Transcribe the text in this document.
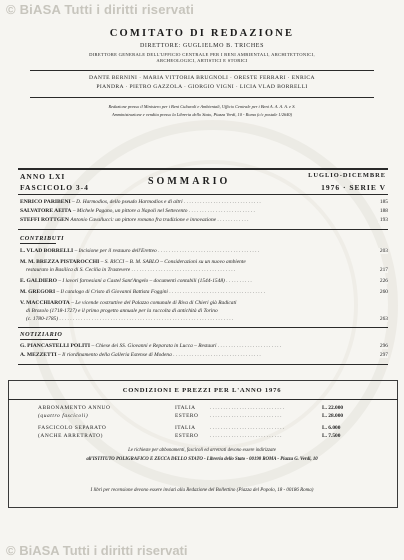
© BiASA Tutti i diritti riservati
COMITATO DI REDAZIONE
DIRETTORE: GUGLIELMO B. TRICHES
DIRETTORE GENERALE DELL'UFFICIO CENTRALE PER I BENI AMBIENTALI, ARCHITETTONICI,
ARCHEOLOGICI, ARTISTICI E STORICI
DANTE BERNINI · MARIA VITTORIA BRUGNOLI · ORESTE FERRARI · ENRICA
PIANDRA · PIETRO GAZZOLA · GIORGIO VIGNI · LICIA VLAD BORRELLI
Redazione presso il Ministero per i Beni Culturali e Ambientali, Ufficio Centrale per i Beni A. A. A. A. e S.
Amministrazione e vendita presso la Libreria dello Stato, Piazza Verdi, 10 - Roma (c/c postale 1/2640)
ANNO LXI
FASCICOLO 3-4
SOMMARIO
LUGLIO-DICEMBRE
1976 · SERIE V
ENRICO PARIBENI – D. Harmodios, dello pseudo Harmodios e di altri . . . . . . . . . . . . . . . . . . . . . . . . . . . . .	185
SALVATORE AEITA – Michele Pagano, un pittore a Napoli nel Settecento . . . . . . . . . . . . . . . . . . . . . . . . .	188
STEFFI RÖTTGEN Antonio Cavallucci: un pittore romano fra tradizione e innovazione . . . . . . . . . . . .	193
CONTRIBUTI
L. VLAD BORRELLI – Incisione per il restauro dell'Eretteo . . . . . . . . . . . . . . . . . . . . . . . . . . . . . . . . . . . . . .	203
M. M. BREZZA PISTAROCCHI – S. RICCI – B. M. SABLO – Considerazioni su un nuovo ambiente
restaurato in Basilica di S. Cecilia in Trastevere . . . . . . . . . . . . . . . . . . . . . . . . . . . . . . . . . . . . . . .	217
E. GALDIERO – I lavori farnesiani a Castel Sant'Angelo – documenti contabili (1544-1548) . . . . . . . . . .	226
M. GREGORI – Il catalogo di Cristo di Giovanni Battista Foggini . . . . . . . . . . . . . . . . . . . . . . . . . . . . . . . . . . . .	260
V. MACCHIAROTA – Le vicende costruttive del Palazzo comunale di Riva di Chieri già Radicati
di Brozolo (1718-1727) e il primo progetto annuale per la raccolta di antichità di Torino
(c. 1780-1785) . . . . . . . . . . . . . . . . . . . . . . . . . . . . . . . . . . . . . . . . . . . . . . . . . . . . . . . . . . . . . . . . .	263
NOTIZIARIO
G. PIANCASTELLI POLITI – Chiese dei SS. Giovanni e Reparata in Lucca – Restauri . . . . . . . . . . . . . . . . . . . . . . . .	296
A. MEZZETTI – Il riordinamento della Galleria Estense di Modena . . . . . . . . . . . . . . . . . . . . . . . . . . . . . . . . .	297
CONDIZIONI E PREZZI PER L'ANNO 1976
ABBONAMENTO ANNUO	ITALIA	. . . . . . . . . . . . . . . . . . . . . . . . . . . .	L. 22.000
(quattro fascicoli)	ESTERO . . . . . . . . . . . . . . . . . . . . . . . . . . .	L. 28.000
FASCICOLO SEPARATO	ITALIA	. . . . . . . . . . . . . . . . . . . . . . . . . . . .	L. 6.000
(ANCHE ARRETRATO)	ESTERO . . . . . . . . . . . . . . . . . . . . . . . . . . .	L. 7.500
Le richieste per abbonamenti, fascicoli ed arretrati devono essere indirizzate
all'ISTITUTO POLIGRAFICO E ZECCA DELLO STATO - Libreria dello Stato - 00198 ROMA - Piazza G. Verdi, 10
I libri per recensione devono essere inviati alla Redazione del Bollettino (Piazza del Popolo, 18 - 00186 Roma)
© BiASA Tutti i diritti riservati
